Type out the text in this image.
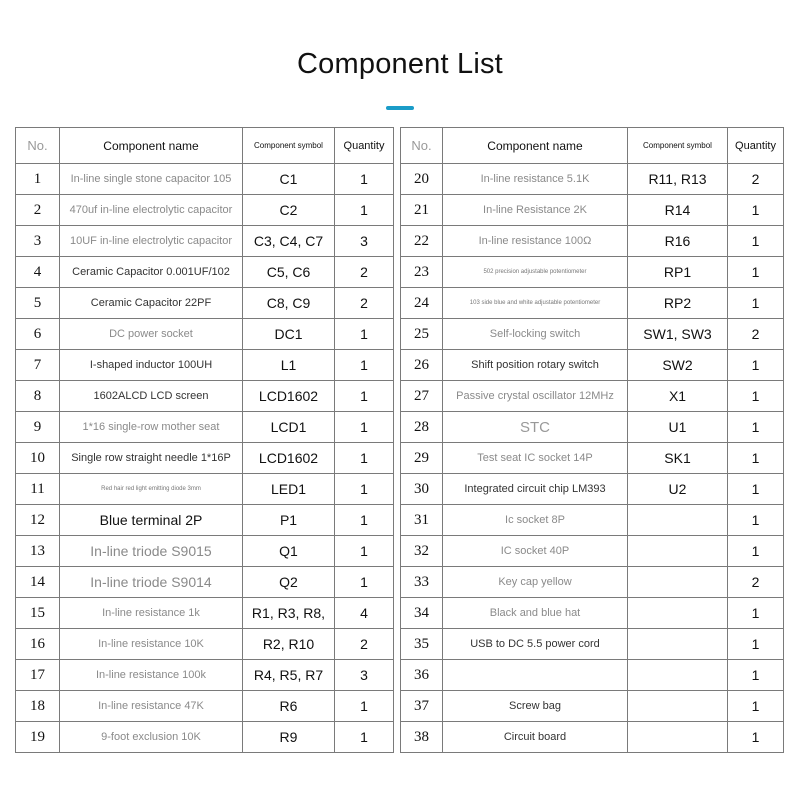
Component List
No.	Component name	Component symbol	Quantity
1	In-line single stone capacitor 105	C1	1
2	470uf in-line electrolytic capacitor	C2	1
3	10UF in-line electrolytic capacitor	C3, C4, C7	3
4	Ceramic Capacitor 0.001UF/102	C5, C6	2
5	Ceramic Capacitor 22PF	C8, C9	2
6	DC power socket	DC1	1
7	I-shaped inductor 100UH	L1	1
8	1602ALCD LCD screen	LCD1602	1
9	1*16 single-row mother seat	LCD1	1
10	Single row straight needle 1*16P	LCD1602	1
11	Red hair red light emitting diode 3mm	LED1	1
12	Blue terminal 2P	P1	1
13	In-line triode S9015	Q1	1
14	In-line triode S9014	Q2	1
15	In-line resistance 1k	R1, R3, R8,	4
16	In-line resistance 10K	R2, R10	2
17	In-line resistance 100k	R4, R5, R7	3
18	In-line resistance 47K	R6	1
19	9-foot exclusion 10K	R9	1
No.	Component name	Component symbol	Quantity
20	In-line resistance 5.1K	R11, R13	2
21	In-line Resistance 2K	R14	1
22	In-line resistance 100Ω	R16	1
23	502 precision adjustable potentiometer	RP1	1
24	103 side blue and white adjustable potentiometer	RP2	1
25	Self-locking switch	SW1, SW3	2
26	Shift position rotary switch	SW2	1
27	Passive crystal oscillator 12MHz	X1	1
28	STC	U1	1
29	Test seat IC socket 14P	SK1	1
30	Integrated circuit chip LM393	U2	1
31	Ic socket 8P		1
32	IC socket 40P		1
33	Key cap yellow		2
34	Black and blue hat		1
35	USB to DC 5.5 power cord		1
36			1
37	Screw bag		1
38	Circuit board		1
